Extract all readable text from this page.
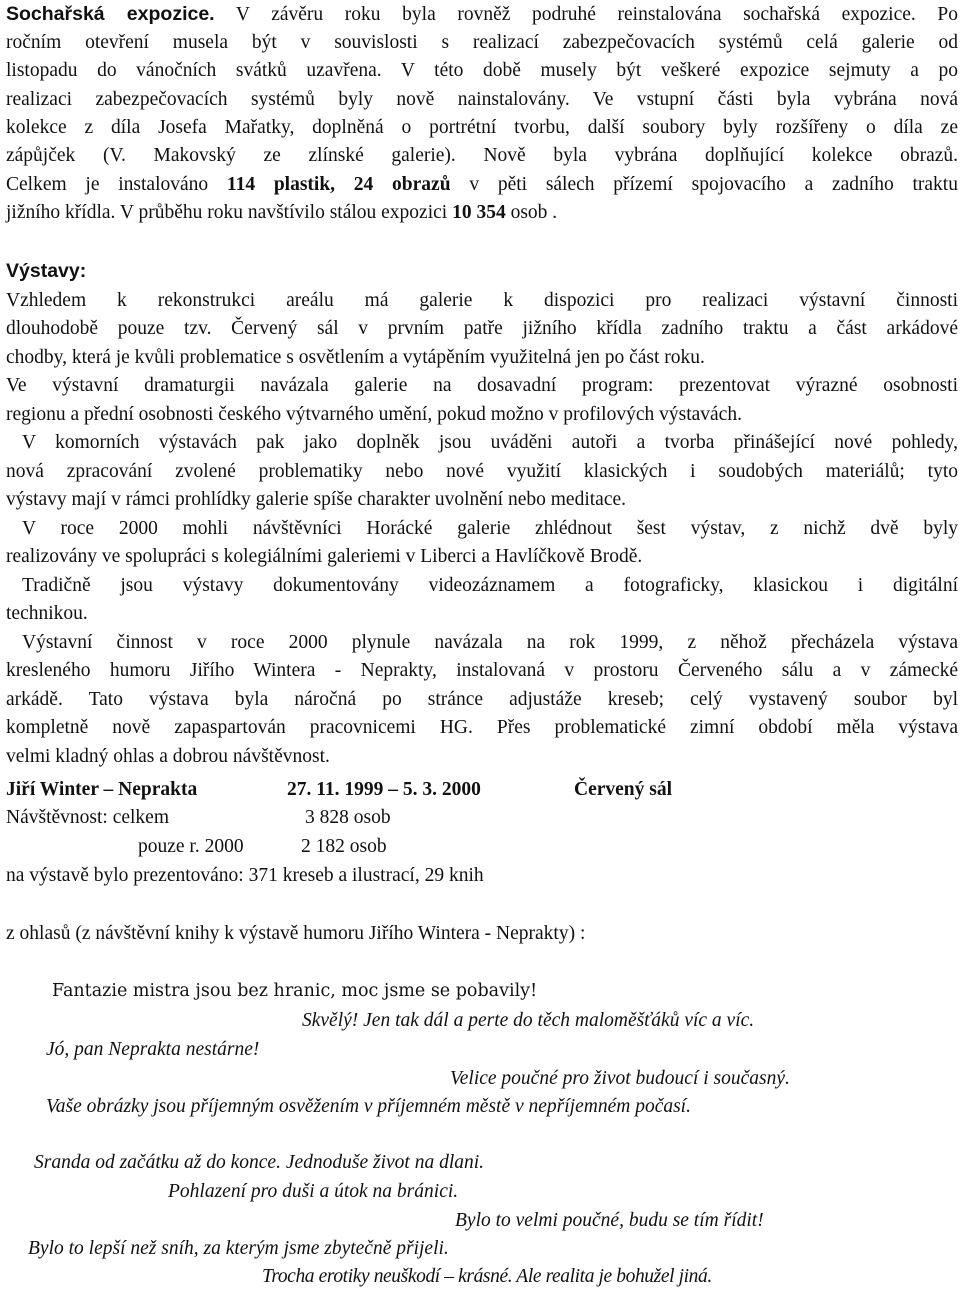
Sochařská expozice. V závěru roku byla rovněž podruhé reinstalována sochařská expozice. Po
ročním otevření musela být v souvislosti s realizací zabezpečovacích systémů celá galerie od
listopadu do vánočních svátků uzavřena. V této době musely být veškeré expozice sejmuty a po
realizaci zabezpečovacích systémů byly nově nainstalovány. Ve vstupní části byla vybrána nová
kolekce z díla Josefa Mařatky, doplněná o portrétní tvorbu, další soubory byly rozšířeny o díla ze
zápůjček (V. Makovský ze zlínské galerie). Nově byla vybrána doplňující kolekce obrazů.
Celkem je instalováno 114 plastik, 24 obrazů v pěti sálech přízemí spojovacího a zadního traktu
jižního křídla. V průběhu roku navštívilo stálou expozici 10 354 osob .
Výstavy:
Vzhledem k rekonstrukci areálu má galerie k dispozici pro realizaci výstavní činnosti
dlouhodobě pouze tzv. Červený sál v prvním patře jižního křídla zadního traktu a část arkádové
chodby, která je kvůli problematice s osvětlením a vytápěním využitelná jen po část roku.
Ve výstavní dramaturgii navázala galerie na dosavadní program: prezentovat výrazné osobnosti
regionu a přední osobnosti českého výtvarného umění, pokud možno v profilových výstavách.
V komorních výstavách pak jako doplněk jsou uváděni autoři a tvorba přinášející nové pohledy,
nová zpracování zvolené problematiky nebo nové využití klasických i soudobých materiálů; tyto
výstavy mají v rámci prohlídky galerie spíše charakter uvolnění nebo meditace.
V roce 2000 mohli návštěvníci Horácké galerie zhlédnout šest výstav, z nichž dvě byly
realizovány ve spolupráci s kolegiálními galeriemi v Liberci a Havlíčkově Brodě.
Tradičně jsou výstavy dokumentovány videozáznamem a fotograficky, klasickou i digitální
technikou.
Výstavní činnost v roce 2000 plynule navázala na rok 1999, z něhož přecházela výstava
kresleného humoru Jiřího Wintera - Neprakty, instalovaná v prostoru Červeného sálu a v zámecké
arkádě. Tato výstava byla náročná po stránce adjustáže kreseb; celý vystavený soubor byl
kompletně nově zapaspartován pracovnicemi HG. Přes problematické zimní období měla výstava
velmi kladný ohlas a dobrou návštěvnost.
Jiří Winter – Neprakta	27. 11. 1999 – 5. 3. 2000	Červený sál
Návštěvnost: celkem	3 828 osob
pouze r. 2000	2 182 osob
na výstavě bylo prezentováno: 371 kreseb a ilustrací, 29 knih
z ohlasů (z návštěvní knihy k výstavě humoru Jiřího Wintera - Neprakty) :
Fantazie mistra jsou bez hranic, moc jsme se pobavily!
Skvělý! Jen tak dál a perte do těch maloměšťáků víc a víc.
Jó, pan Neprakta nestárne!
Velice poučné pro život budoucí i současný.
Vaše obrázky jsou příjemným osvěžením v příjemném městě v nepříjemném počasí.
Sranda od začátku až do konce. Jednoduše život na dlani.
Pohlazení pro duši a útok na bránici.
Bylo to velmi poučné, budu se tím řídit!
Bylo to lepší než sníh, za kterým jsme zbytečně přijeli.
Trocha erotiky neuškodí – krásné. Ale realita je bohužel jiná.
